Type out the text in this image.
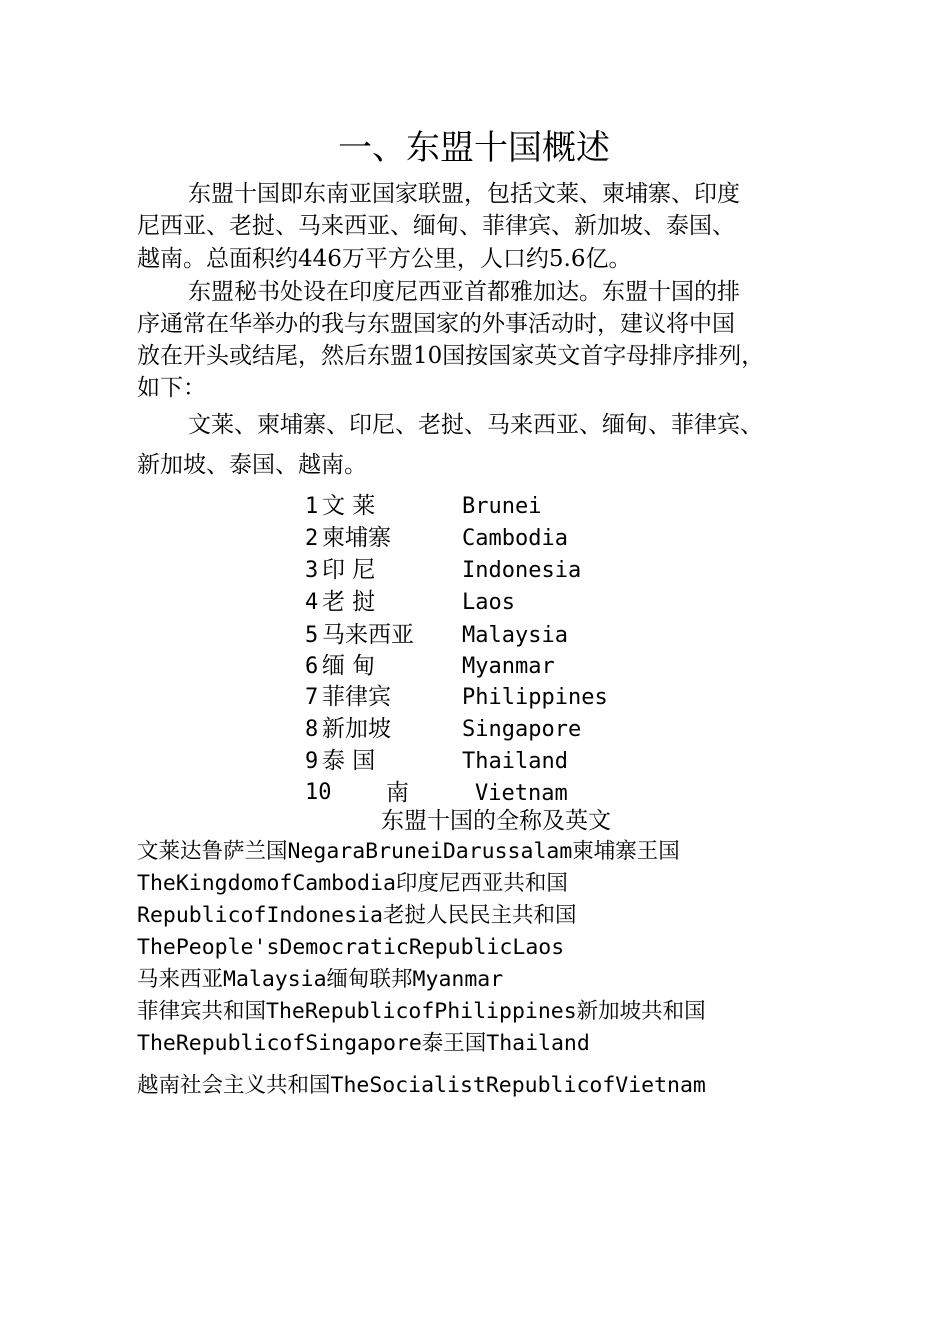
一、东盟十国概述
东盟十国即东南亚国家联盟，包括文莱、柬埔寨、印度
尼西亚、老挝、马来西亚、缅甸、菲律宾、新加坡、泰国、
越南。总面积约446万平方公里，人口约5.6亿。
东盟秘书处设在印度尼西亚首都雅加达。东盟十国的排
序通常在华举办的我与东盟国家的外事活动时，建议将中国
放在开头或结尾，然后东盟10国按国家英文首字母排序排列，
如下：
文莱、柬埔寨、印尼、老挝、马来西亚、缅甸、菲律宾、
新加坡、泰国、越南。
1 文 莱	Brunei
2 柬埔寨	Cambodia
3 印 尼	Indonesia
4 老 挝	Laos
5 马来西亚 Malaysia
6 缅 甸	Myanmar
7 菲律宾	Philippines
8 新加坡	Singapore
9 泰 国	Thailand
10 南	Vietnam
东盟十国的全称及英文
文莱达鲁萨兰国NegaraBruneiDarussalam柬埔寨王国
TheKingdomofCambodia印度尼西亚共和国
RepublicofIndonesia老挝人民民主共和国
ThePeople'sDemocraticRepublicLaos
马来西亚Malaysia缅甸联邦Myanmar
菲律宾共和国TheRepublicofPhilippines新加坡共和国
TheRepublicofSingapore泰王国Thailand
越南社会主义共和国TheSocialistRepublicofVietnam
